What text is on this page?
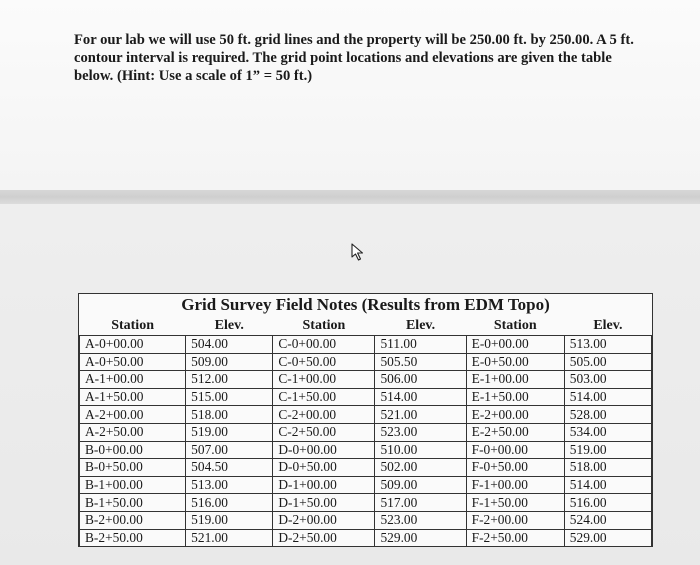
For our lab we will use 50 ft. grid lines and the property will be 250.00 ft. by 250.00. A 5 ft. contour interval is required. The grid point locations and elevations are given the table below. (Hint: Use a scale of 1” = 50 ft.)

Grid Survey Field Notes (Results from EDM Topo)
Station	Elev.	Station	Elev.	Station	Elev.
A-0+00.00	504.00	C-0+00.00	511.00	E-0+00.00	513.00
A-0+50.00	509.00	C-0+50.00	505.50	E-0+50.00	505.00
A-1+00.00	512.00	C-1+00.00	506.00	E-1+00.00	503.00
A-1+50.00	515.00	C-1+50.00	514.00	E-1+50.00	514.00
A-2+00.00	518.00	C-2+00.00	521.00	E-2+00.00	528.00
A-2+50.00	519.00	C-2+50.00	523.00	E-2+50.00	534.00
B-0+00.00	507.00	D-0+00.00	510.00	F-0+00.00	519.00
B-0+50.00	504.50	D-0+50.00	502.00	F-0+50.00	518.00
B-1+00.00	513.00	D-1+00.00	509.00	F-1+00.00	514.00
B-1+50.00	516.00	D-1+50.00	517.00	F-1+50.00	516.00
B-2+00.00	519.00	D-2+00.00	523.00	F-2+00.00	524.00
B-2+50.00	521.00	D-2+50.00	529.00	F-2+50.00	529.00
